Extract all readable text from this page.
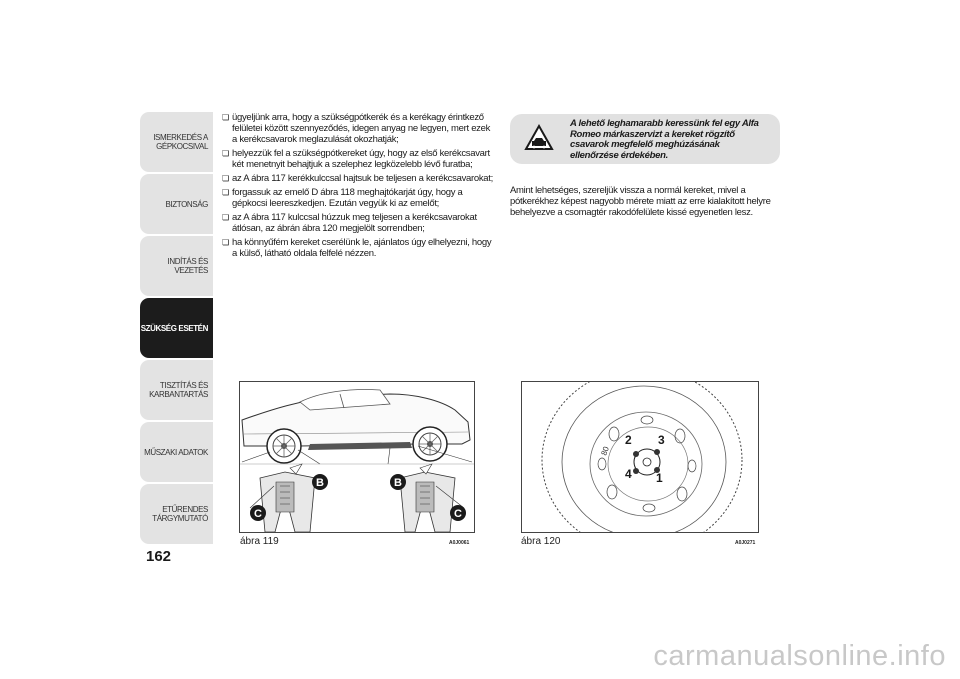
ISMERKEDÉS A
GÉPKOCSIVAL
BIZTONSÁG
INDÍTÁS ÉS VEZETÉS
SZÜKSÉG ESETÉN
TISZTÍTÁS ÉS
KARBANTARTÁS
MŰSZAKI ADATOK
ETŰRENDES
TÁRGYMUTATÓ
162
❏ ügyeljünk arra, hogy a szükségpótkerék és a kerékagy érintkező felületei között szennyeződés, idegen anyag ne legyen, mert ezek a kerékcsavarok meglazulását okozhatják;
❏ helyezzük fel a szükségpótkereket úgy, hogy az első kerékcsavart két menetnyit behajtjuk a szelephez legközelebb lévő furatba;
❏ az A ábra 117 kerékkulccsal hajtsuk be teljesen a kerékcsavarokat;
❏ forgassuk az emelő D ábra 118 meghajtókarját úgy, hogy a gépkocsi leereszkedjen. Ezután vegyük ki az emelőt;
❏ az A ábra 117 kulccsal húzzuk meg teljesen a kerékcsavarokat átlósan, az ábrán ábra 120 megjelölt sorrendben;
❏ ha könnyűfém kereket cserélünk le, ajánlatos úgy elhelyezni, hogy a külső, látható oldala felfelé nézzen.
A lehető leghamarabb keressünk fel egy Alfa Romeo márkaszervizt a kereket rögzítő csavarok megfelelő meghúzásának ellenőrzése érdekében.
Amint lehetséges, szereljük vissza a normál kereket, mivel a pótkerékhez képest nagyobb mérete miatt az erre kialakított helyre behelyezve a csomagtér rakodófelülete kissé egyenetlen lesz.
B
C
B
C
ábra 119	A0J0061
2 3
4 1
80
ábra 120	A0J0271
carmanualsonline.info
